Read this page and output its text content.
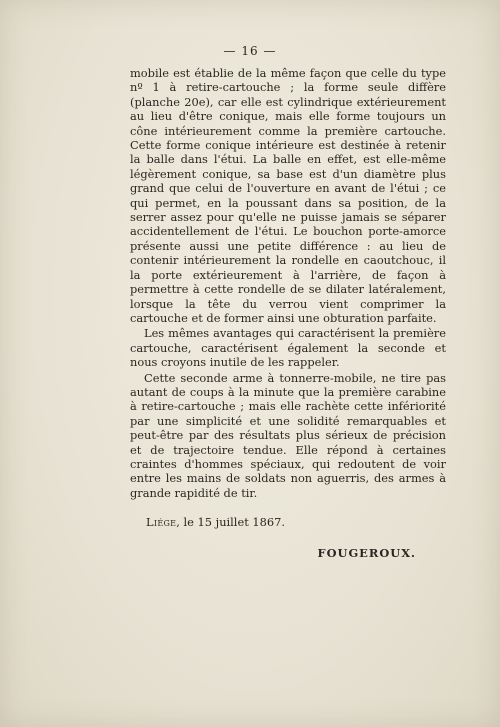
— 16 —

mobile est établie de la même façon que celle du type nº 1 à retire-cartouche ; la forme seule diffère (planche 20e), car elle est cylindrique extérieurement au lieu d'être conique, mais elle forme toujours un cône intérieurement comme la première cartouche. Cette forme conique intérieure est destinée à retenir la balle dans l'étui. La balle en effet, est elle-même légèrement conique, sa base est d'un diamètre plus grand que celui de l'ouverture en avant de l'étui ; ce qui permet, en la poussant dans sa position, de la serrer assez pour qu'elle ne puisse jamais se séparer accidentellement de l'étui. Le bouchon porte-amorce présente aussi une petite différence : au lieu de contenir intérieurement la rondelle en caoutchouc, il la porte extérieurement à l'arrière, de façon à permettre à cette rondelle de se dilater latéralement, lorsque la tête du verrou vient comprimer la cartouche et de former ainsi une obturation parfaite.

Les mêmes avantages qui caractérisent la première cartouche, caractérisent également la seconde et nous croyons inutile de les rappeler.

Cette seconde arme à tonnerre-mobile, ne tire pas autant de coups à la minute que la première carabine à retire-cartouche ; mais elle rachète cette infériorité par une simplicité et une solidité remarquables et peut-être par des résultats plus sérieux de précision et de trajectoire tendue. Elle répond à certaines craintes d'hommes spéciaux, qui redoutent de voir entre les mains de soldats non aguerris, des armes à grande rapidité de tir.

Liége, le 15 juillet 1867.
FOUGEROUX.
